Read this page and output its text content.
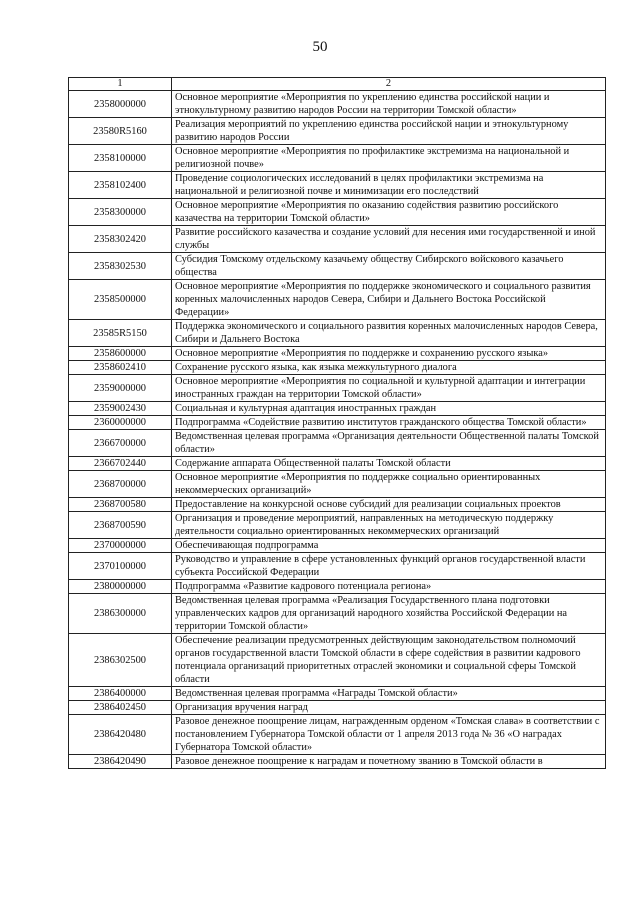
50
1	2
2358000000	Основное мероприятие «Мероприятия по укреплению единства российской нации и этнокультурному развитию народов России на территории Томской области»
23580R5160	Реализация мероприятий по укреплению единства российской нации и этнокультурному развитию народов России
2358100000	Основное мероприятие «Мероприятия по профилактике экстремизма на национальной и религиозной почве»
2358102400	Проведение социологических исследований в целях профилактики экстремизма на национальной и религиозной почве и минимизации его последствий
2358300000	Основное мероприятие «Мероприятия по оказанию содействия развитию российского казачества на территории Томской области»
2358302420	Развитие российского казачества и создание условий для несения ими государственной и иной службы
2358302530	Субсидия Томскому отдельскому казачьему обществу Сибирского войскового казачьего общества
2358500000	Основное мероприятие «Мероприятия по поддержке экономического и социального развития коренных малочисленных народов Севера, Сибири и Дальнего Востока Российской Федерации»
23585R5150	Поддержка экономического и социального развития коренных малочисленных народов Севера, Сибири и Дальнего Востока
2358600000	Основное мероприятие «Мероприятия по поддержке и сохранению русского языка»
2358602410	Сохранение русского языка, как языка межкультурного диалога
2359000000	Основное мероприятие «Мероприятия по социальной и культурной адаптации и интеграции иностранных граждан на территории Томской области»
2359002430	Социальная и культурная адаптация иностранных граждан
2360000000	Подпрограмма «Содействие развитию институтов гражданского общества Томской области»
2366700000	Ведомственная целевая программа «Организация деятельности Общественной палаты Томской области»
2366702440	Содержание аппарата Общественной палаты Томской области
2368700000	Основное мероприятие «Мероприятия по поддержке социально ориентированных некоммерческих организаций»
2368700580	Предоставление на конкурсной основе субсидий для реализации социальных проектов
2368700590	Организация и проведение мероприятий, направленных на методическую поддержку деятельности социально ориентированных некоммерческих организаций
2370000000	Обеспечивающая подпрограмма
2370100000	Руководство и управление в сфере установленных функций органов государственной власти субъекта Российской Федерации
2380000000	Подпрограмма «Развитие кадрового потенциала региона»
2386300000	Ведомственная целевая программа «Реализация Государственного плана подготовки управленческих кадров для организаций народного хозяйства Российской Федерации на территории Томской области»
2386302500	Обеспечение реализации предусмотренных действующим законодательством полномочий органов государственной власти Томской области в сфере содействия в развитии кадрового потенциала организаций приоритетных отраслей экономики и социальной сферы Томской области
2386400000	Ведомственная целевая программа «Награды Томской области»
2386402450	Организация вручения наград
2386420480	Разовое денежное поощрение лицам, награжденным орденом «Томская слава» в соответствии с постановлением Губернатора Томской области от 1 апреля 2013 года № 36 «О наградах Губернатора Томской области»
2386420490	Разовое денежное поощрение к наградам и почетному званию в Томской области в
